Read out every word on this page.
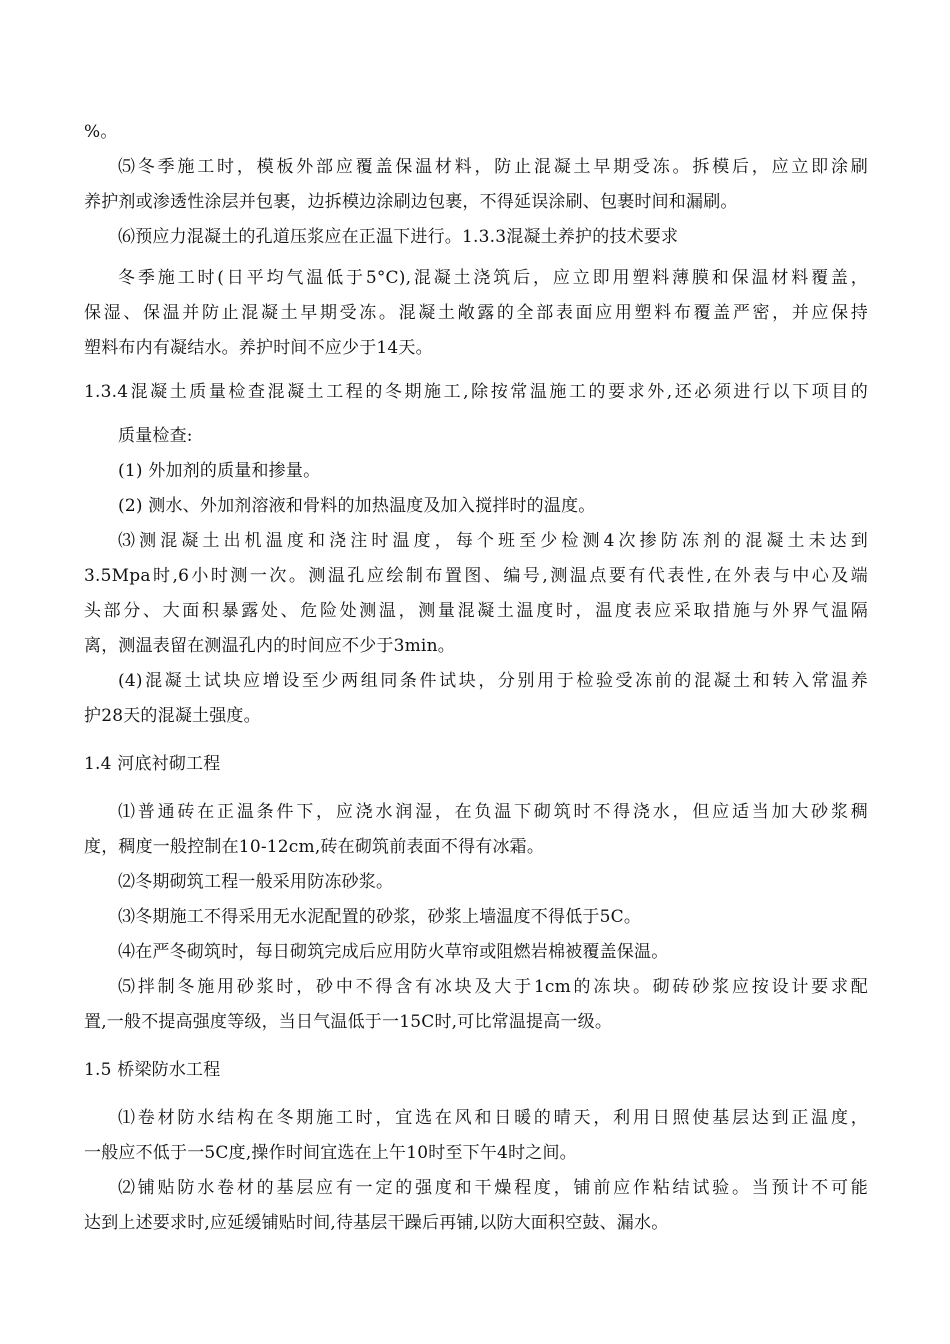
%。
⑸冬季施工时，模板外部应覆盖保温材料，防止混凝土早期受冻。拆模后，应立即涂刷
养护剂或渗透性涂层并包裹，边拆模边涂刷边包裹，不得延误涂刷、包裹时间和漏刷。
⑹预应力混凝土的孔道压浆应在正温下进行。1.3.3混凝土养护的技术要求
冬季施工时(日平均气温低于5°C),混凝土浇筑后，应立即用塑料薄膜和保温材料覆盖，
保湿、保温并防止混凝土早期受冻。混凝土敞露的全部表面应用塑料布覆盖严密，并应保持
塑料布内有凝结水。养护时间不应少于14天。
1.3.4混凝土质量检查混凝土工程的冬期施工,除按常温施工的要求外,还必须进行以下项目的
质量检查:
(1) 外加剂的质量和掺量。
(2) 测水、外加剂溶液和骨料的加热温度及加入搅拌时的温度。
⑶测混凝土出机温度和浇注时温度，每个班至少检测4次掺防冻剂的混凝土未达到
3.5Mpa时,6小时测一次。测温孔应绘制布置图、编号,测温点要有代表性,在外表与中心及端
头部分、大面积暴露处、危险处测温，测量混凝土温度时，温度表应采取措施与外界气温隔
离，测温表留在测温孔内的时间应不少于3min。
(4)混凝土试块应增设至少两组同条件试块，分别用于检验受冻前的混凝土和转入常温养
护28天的混凝土强度。
1.4 河底衬砌工程
⑴普通砖在正温条件下，应浇水润湿，在负温下砌筑时不得浇水，但应适当加大砂浆稠
度，稠度一般控制在10-12cm,砖在砌筑前表面不得有冰霜。
⑵冬期砌筑工程一般采用防冻砂浆。
⑶冬期施工不得采用无水泥配置的砂浆，砂浆上墙温度不得低于5C。
⑷在严冬砌筑时，每日砌筑完成后应用防火草帘或阻燃岩棉被覆盖保温。
⑸拌制冬施用砂浆时，砂中不得含有冰块及大于1cm的冻块。砌砖砂浆应按设计要求配
置,一般不提高强度等级，当日气温低于一15C时,可比常温提高一级。
1.5 桥梁防水工程
⑴卷材防水结构在冬期施工时，宜选在风和日暖的晴天，利用日照使基层达到正温度，
一般应不低于一5C度,操作时间宜选在上午10时至下午4时之间。
⑵铺贴防水卷材的基层应有一定的强度和干燥程度，铺前应作粘结试验。当预计不可能
达到上述要求时,应延缓铺贴时间,待基层干躁后再铺,以防大面积空鼓、漏水。
